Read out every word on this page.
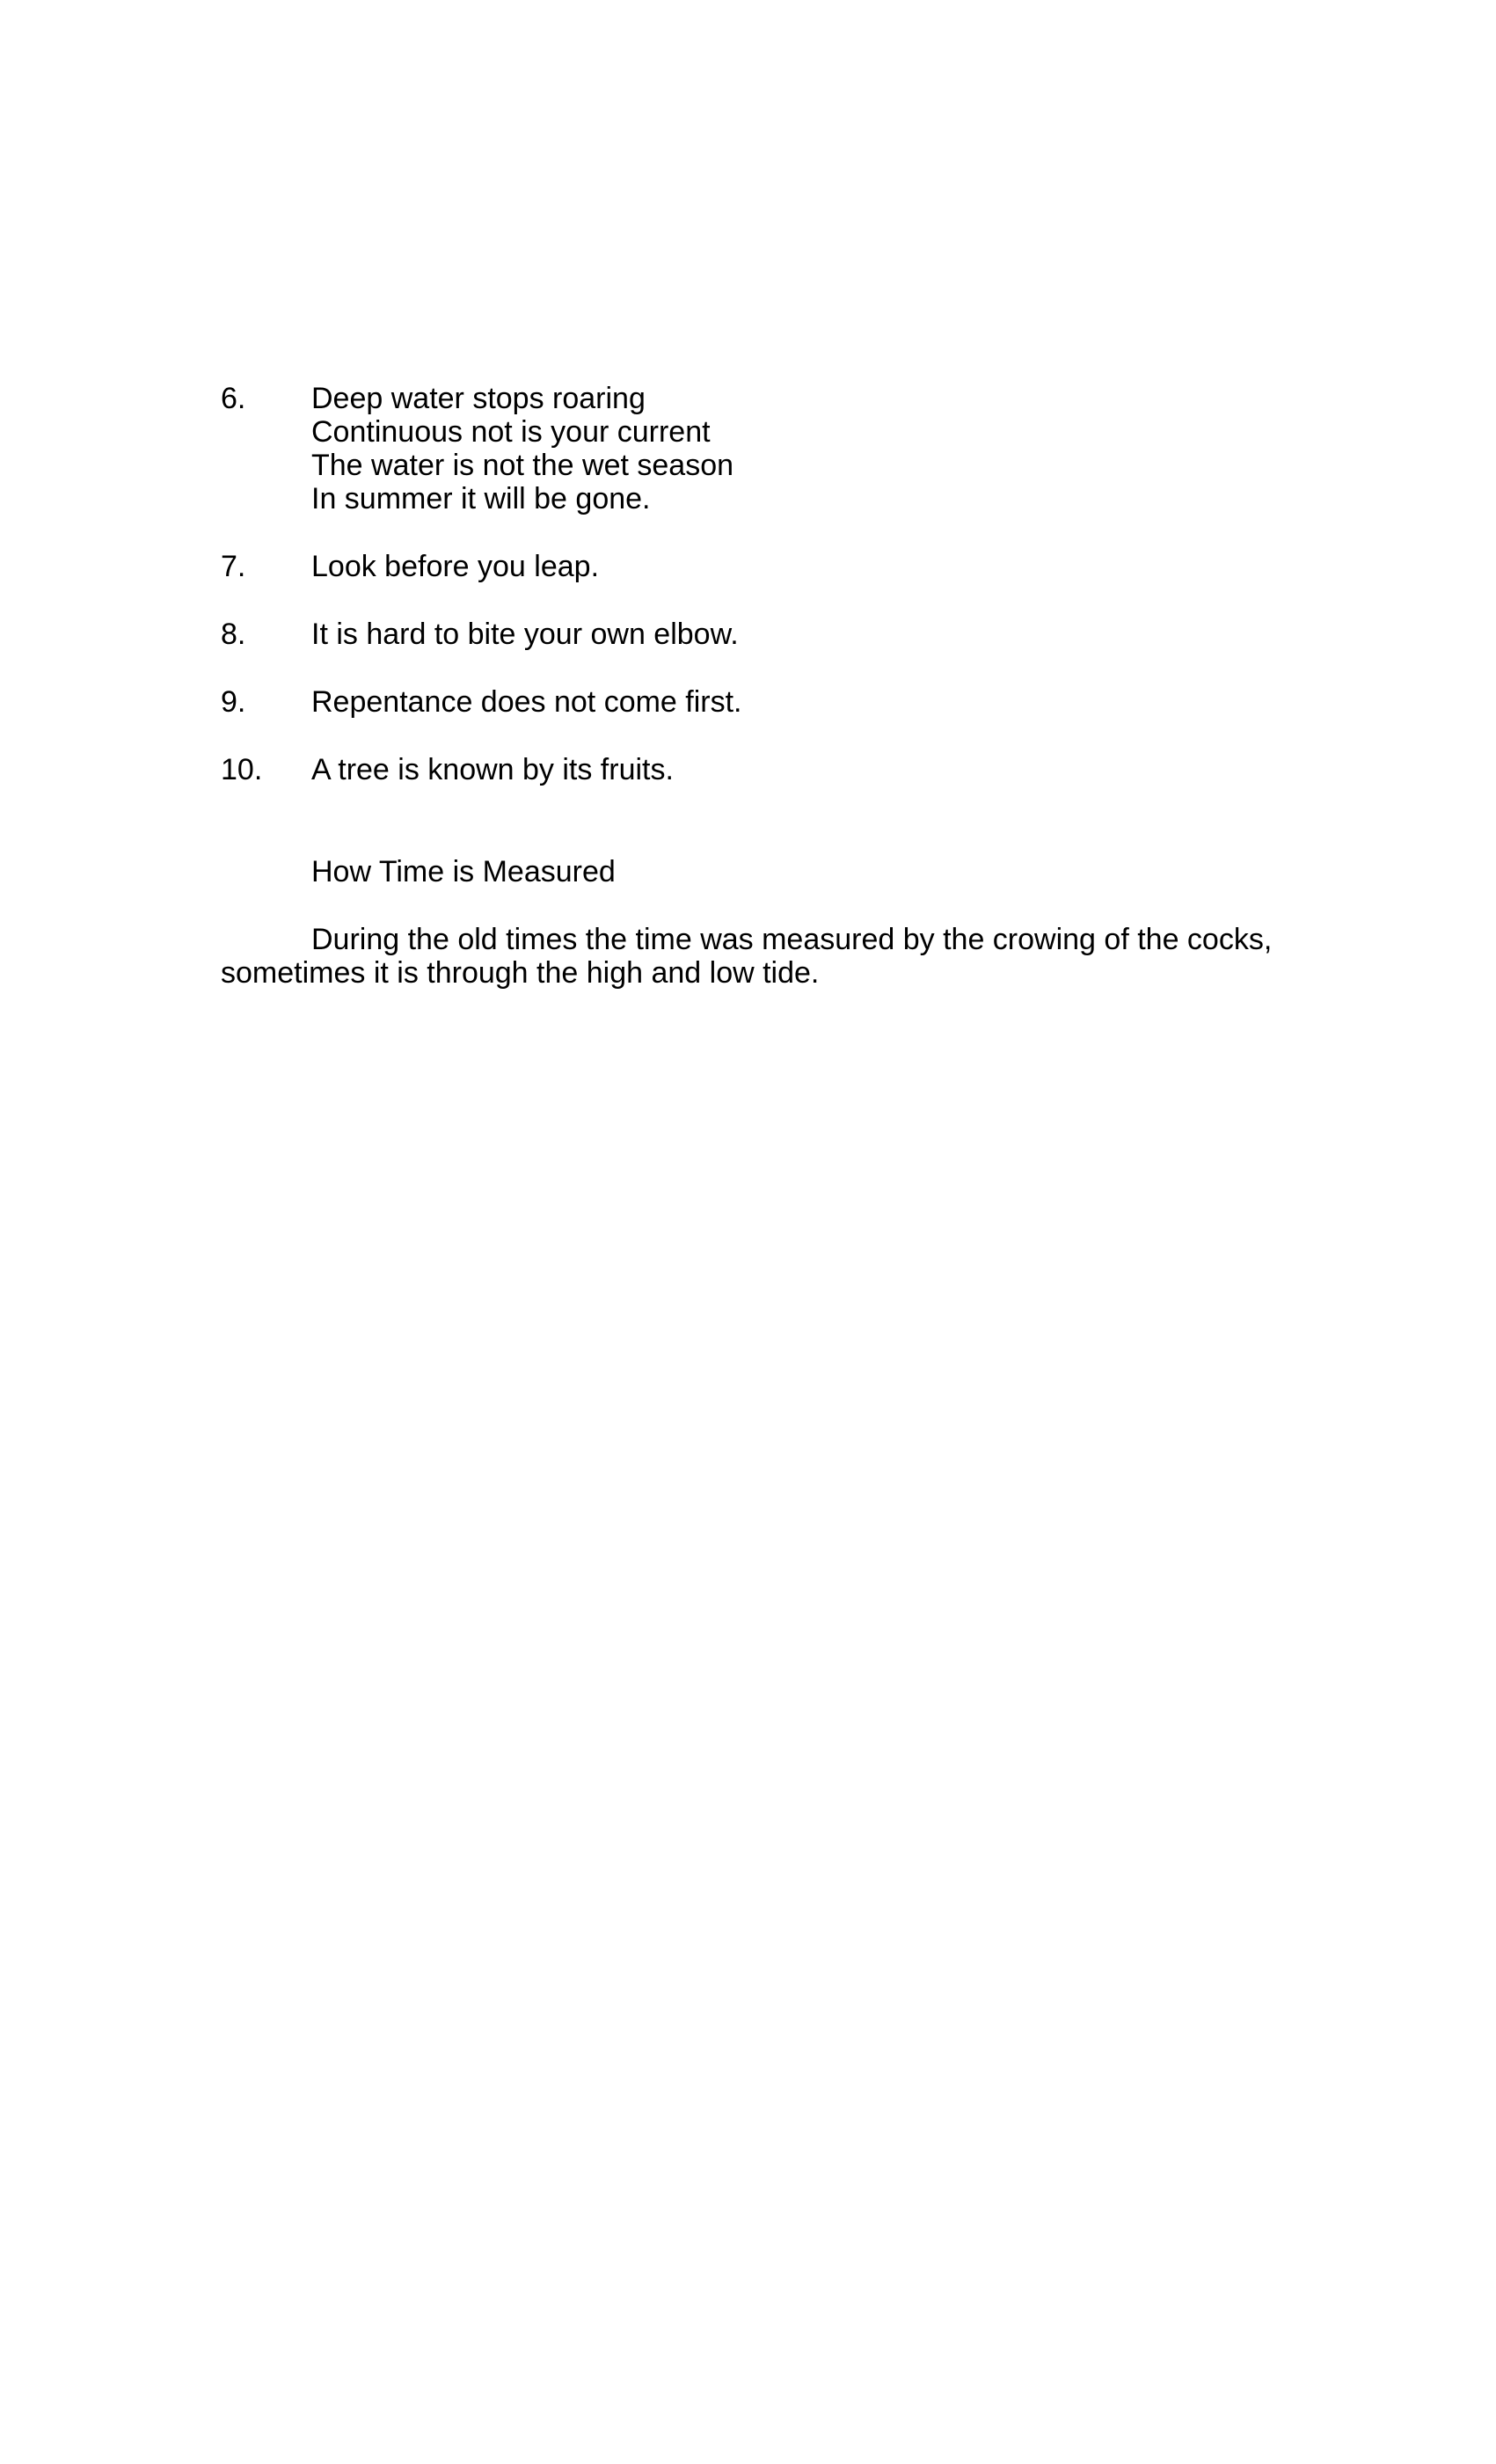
6.	Deep water stops roaring
Continuous not is your current
The water is not the wet season
In summer it will be gone.
7.	Look before you leap.
8.	It is hard to bite your own elbow.
9.	Repentance does not come first.
10.	A tree is known by its fruits.
How Time is Measured

During the old times the time was measured by the crowing of the cocks, sometimes it is through the high and low tide.
